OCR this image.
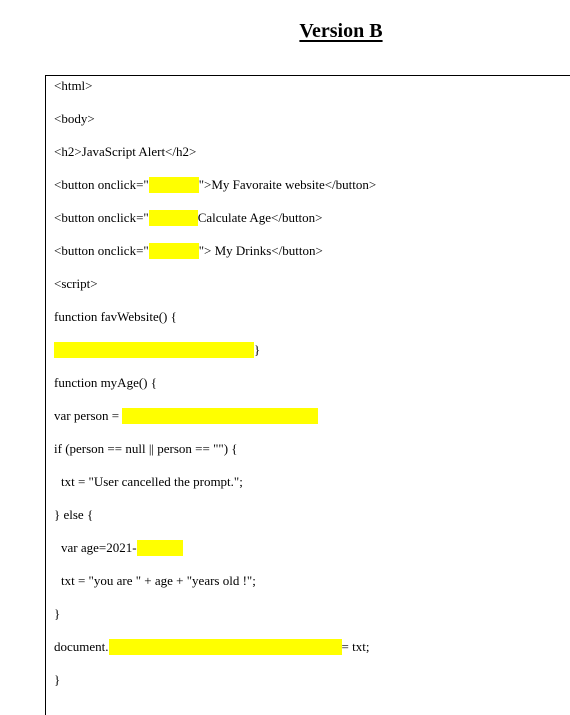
Version B
<html>
<body>
<h2>JavaScript Alert</h2>
<button onclick="	">My Favoraite website</button>
<button onclick="	Calculate Age</button>
<button onclick="	"> My Drinks</button>
<script>
function favWebsite() {
}
function myAge() {
var person =
if (person == null || person == "") {
txt = "User cancelled the prompt.";
} else {
var age=2021-
txt = "you are " + age + "years old !";
}
document.	= txt;
}
